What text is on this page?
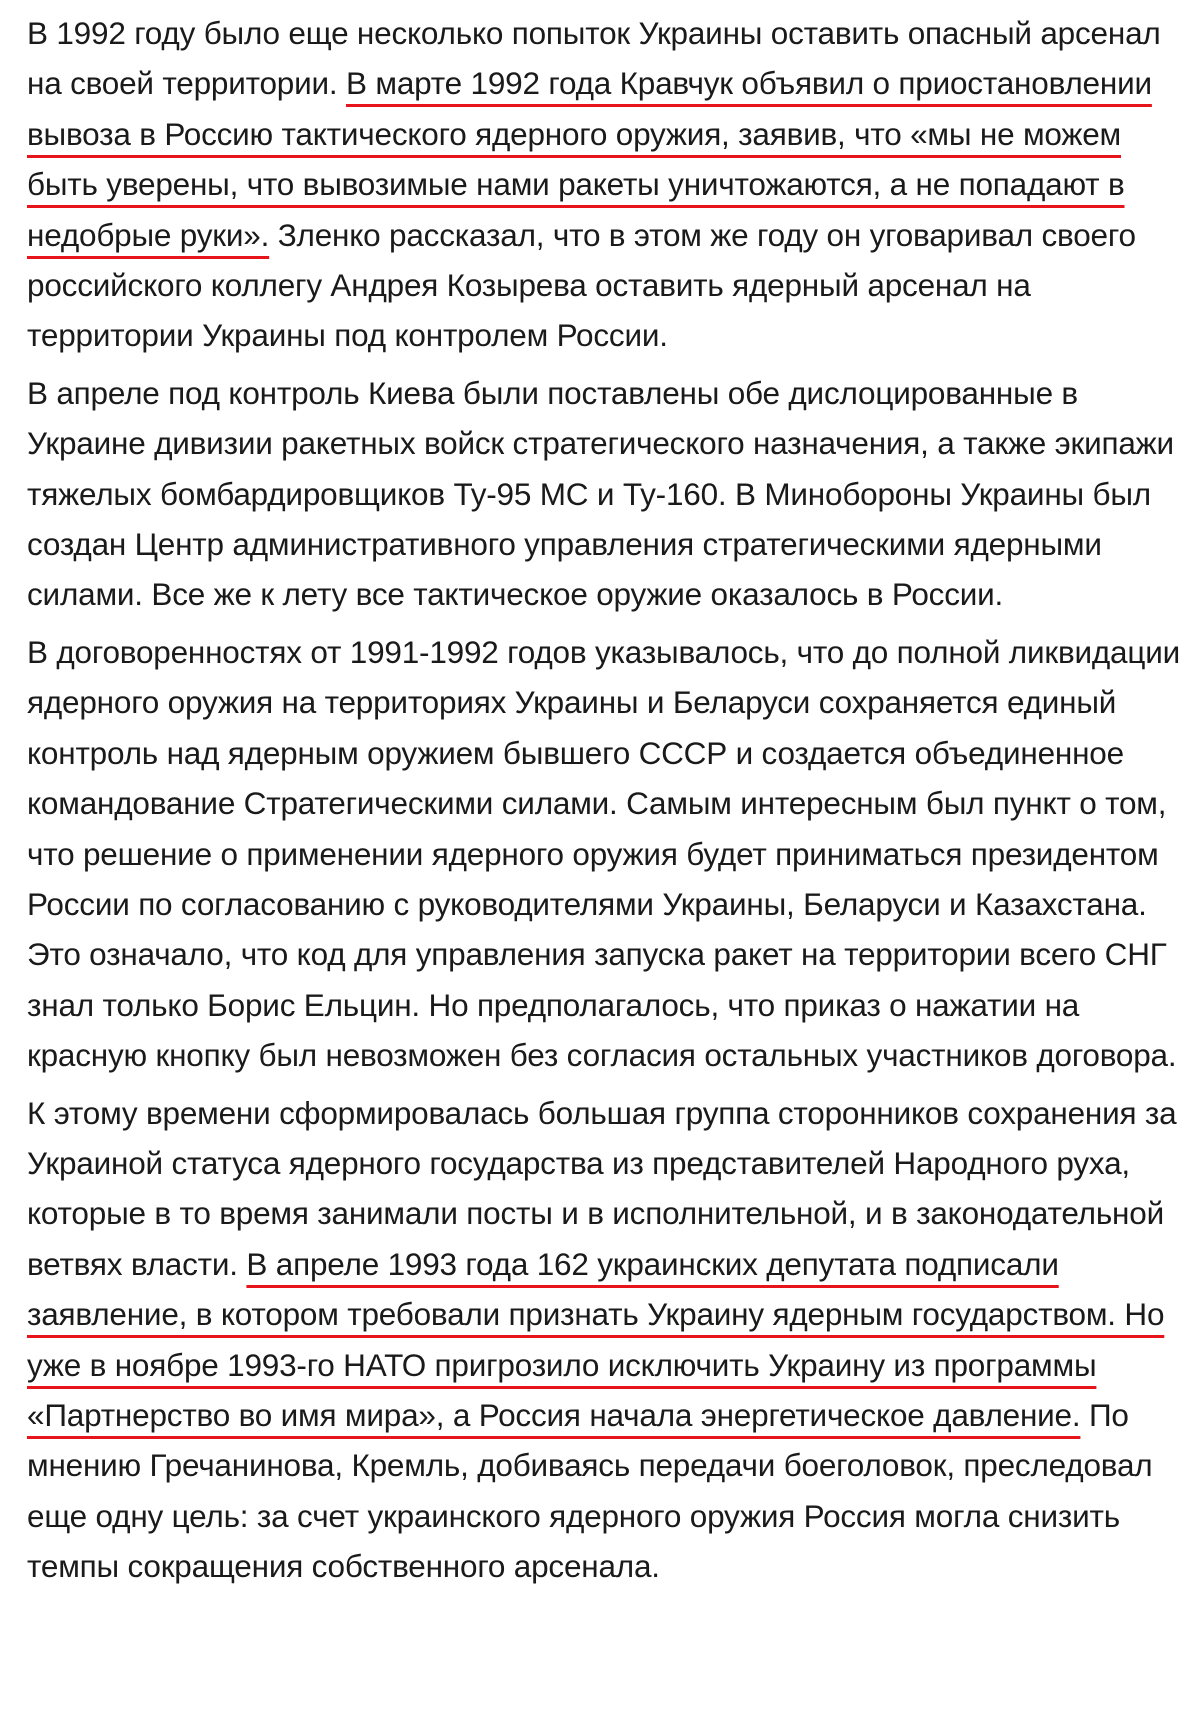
В 1992 году было еще несколько попыток Украины оставить опасный арсенал на своей территории. В марте 1992 года Кравчук объявил о приостановлении вывоза в Россию тактического ядерного оружия, заявив, что «мы не можем быть уверены, что вывозимые нами ракеты уничтожаются, а не попадают в недобрые руки». Зленко рассказал, что в этом же году он уговаривал своего российского коллегу Андрея Козырева оставить ядерный арсенал на территории Украины под контролем России.

В апреле под контроль Киева были поставлены обе дислоцированные в Украине дивизии ракетных войск стратегического назначения, а также экипажи тяжелых бомбардировщиков Ту-95 МС и Ту-160. В Минобороны Украины был создан Центр административного управления стратегическими ядерными силами. Все же к лету все тактическое оружие оказалось в России.

В договоренностях от 1991-1992 годов указывалось, что до полной ликвидации ядерного оружия на территориях Украины и Беларуси сохраняется единый контроль над ядерным оружием бывшего СССР и создается объединенное командование Стратегическими силами. Самым интересным был пункт о том, что решение о применении ядерного оружия будет приниматься президентом России по согласованию с руководителями Украины, Беларуси и Казахстана. Это означало, что код для управления запуска ракет на территории всего СНГ знал только Борис Ельцин. Но предполагалось, что приказ о нажатии на красную кнопку был невозможен без согласия остальных участников договора.

К этому времени сформировалась большая группа сторонников сохранения за Украиной статуса ядерного государства из представителей Народного руха, которые в то время занимали посты и в исполнительной, и в законодательной ветвях власти. В апреле 1993 года 162 украинских депутата подписали заявление, в котором требовали признать Украину ядерным государством. Но уже в ноябре 1993-го НАТО пригрозило исключить Украину из программы «Партнерство во имя мира», а Россия начала энергетическое давление. По мнению Гречанинова, Кремль, добиваясь передачи боеголовок, преследовал еще одну цель: за счет украинского ядерного оружия Россия могла снизить темпы сокращения собственного арсенала.
